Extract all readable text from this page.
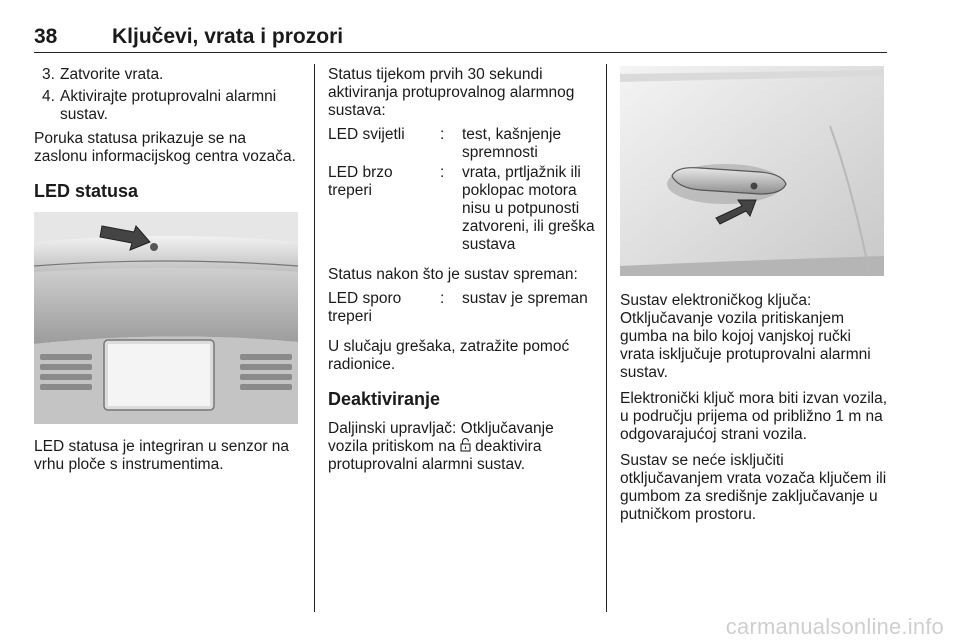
38	Ključevi, vrata i prozori
3. Zatvorite vrata.
4. Aktivirajte protuprovalni alarmni sustav.

Poruka statusa prikazuje se na zaslonu informacijskog centra vozača.

LED statusa

LED statusa je integriran u senzor na vrhu ploče s instrumentima.

Status tijekom prvih 30 sekundi aktiviranja protuprovalnog alarmnog sustava:

LED svijetli	:	test, kašnjenje spremnosti
LED brzo treperi	:	vrata, prtljažnik ili poklopac motora nisu u potpunosti zatvoreni, ili greška sustava

Status nakon što je sustav spreman:

LED sporo treperi	:	sustav je spreman

U slučaju grešaka, zatražite pomoć radionice.

Deaktiviranje

Daljinski upravljač: Otključavanje vozila pritiskom na deaktivira protuprovalni alarmni sustav.

Sustav elektroničkog ključa: Otključavanje vozila pritiskanjem gumba na bilo kojoj vanjskoj ručki vrata isključuje protuprovalni alarmni sustav.

Elektronički ključ mora biti izvan vozila, u području prijema od približno 1 m na odgovarajućoj strani vozila.

Sustav se neće isključiti otključavanjem vrata vozača ključem ili gumbom za središnje zaključavanje u putničkom prostoru.

carmanualsonline.info
